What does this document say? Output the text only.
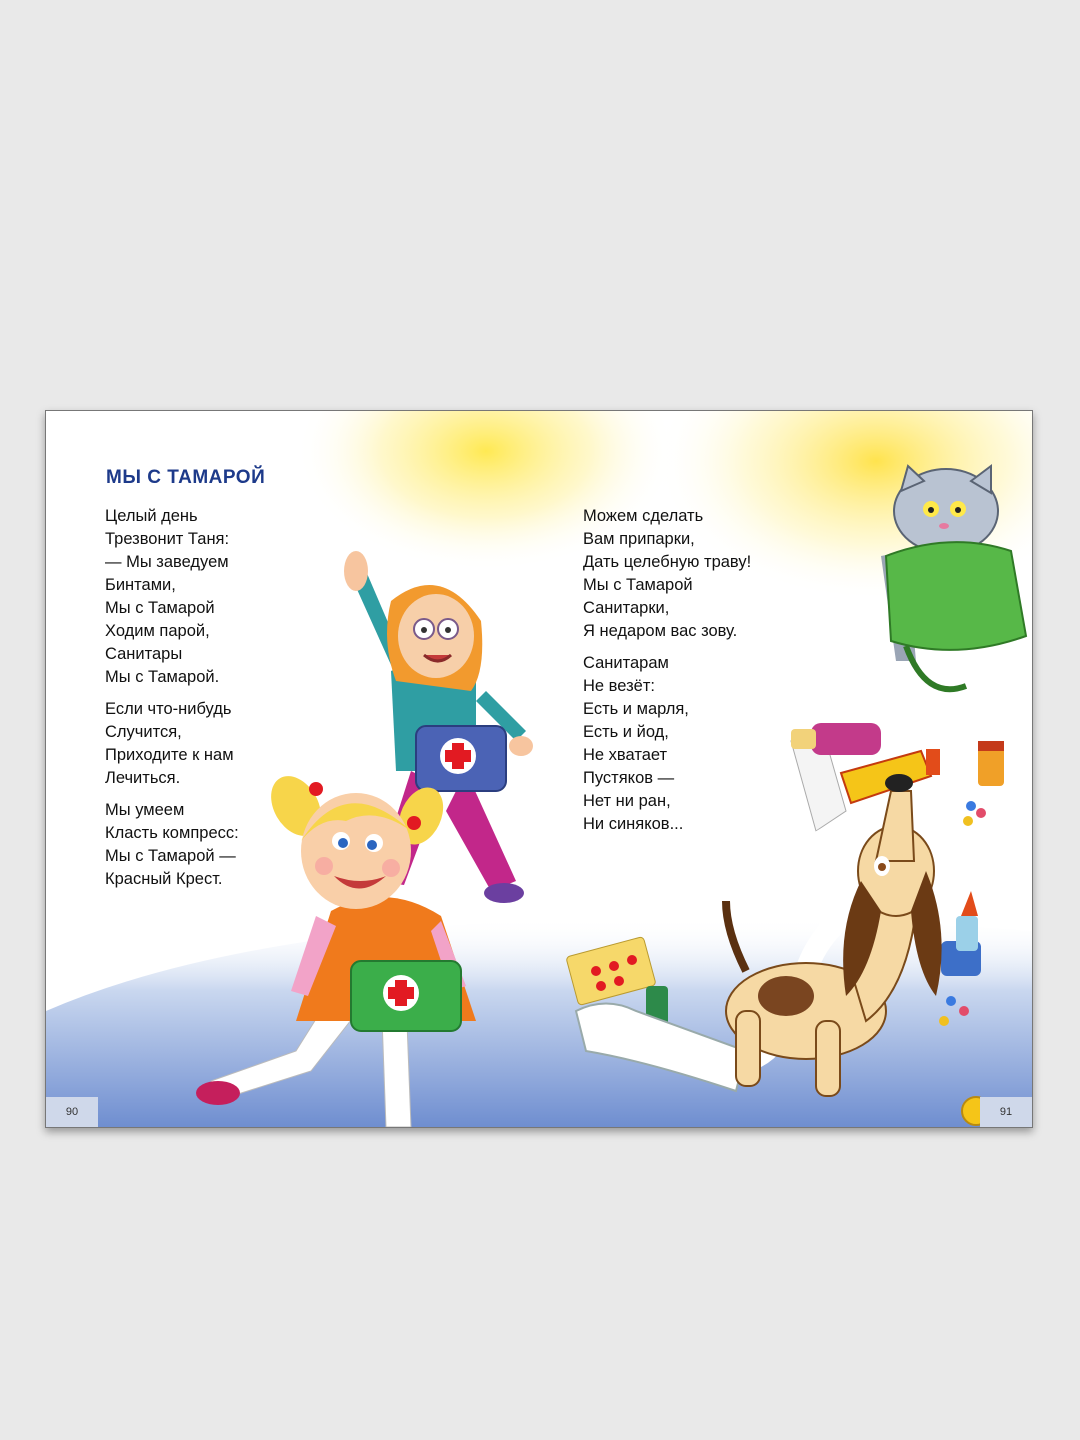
МЫ С ТАМАРОЙ
Целый день
Трезвонит Таня:
— Мы заведуем
Бинтами,
Мы с Тамарой
Ходим парой,
Санитары
Мы с Тамарой.
Если что-нибудь
Случится,
Приходите к нам
Лечиться.
Мы умеем
Класть компресс:
Мы с Тамарой —
Красный Крест.
Можем сделать
Вам припарки,
Дать целебную траву!
Мы с Тамарой
Санитарки,
Я недаром вас зову.
Санитарам
Не везёт:
Есть и марля,
Есть и йод,
Не хватает
Пустяков —
Нет ни ран,
Ни синяков...
90	91
